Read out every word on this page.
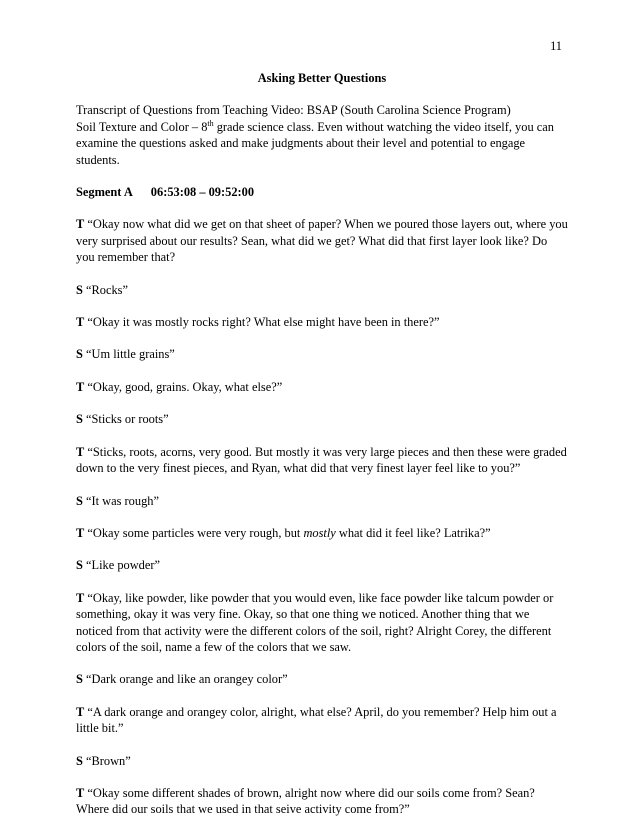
11
Asking Better Questions
Transcript of Questions from Teaching Video: BSAP (South Carolina Science Program)
Soil Texture and Color – 8th grade science class. Even without watching the video itself, you can examine the questions asked and make judgments about their level and potential to engage students.
Segment A 06:53:08 – 09:52:00
T “Okay now what did we get on that sheet of paper? When we poured those layers out, where you very surprised about our results? Sean, what did we get? What did that first layer look like? Do you remember that?
S “Rocks”
T “Okay it was mostly rocks right? What else might have been in there?”
S “Um little grains”
T “Okay, good, grains. Okay, what else?”
S “Sticks or roots”
T “Sticks, roots, acorns, very good. But mostly it was very large pieces and then these were graded down to the very finest pieces, and Ryan, what did that very finest layer feel like to you?”
S “It was rough”
T “Okay some particles were very rough, but mostly what did it feel like? Latrika?”
S “Like powder”
T “Okay, like powder, like powder that you would even, like face powder like talcum powder or something, okay it was very fine. Okay, so that one thing we noticed. Another thing that we noticed from that activity were the different colors of the soil, right? Alright Corey, the different colors of the soil, name a few of the colors that we saw.
S “Dark orange and like an orangey color”
T “A dark orange and orangey color, alright, what else? April, do you remember? Help him out a little bit.”
S “Brown”
T “Okay some different shades of brown, alright now where did our soils come from? Sean? Where did our soils that we used in that seive activity come from?”
